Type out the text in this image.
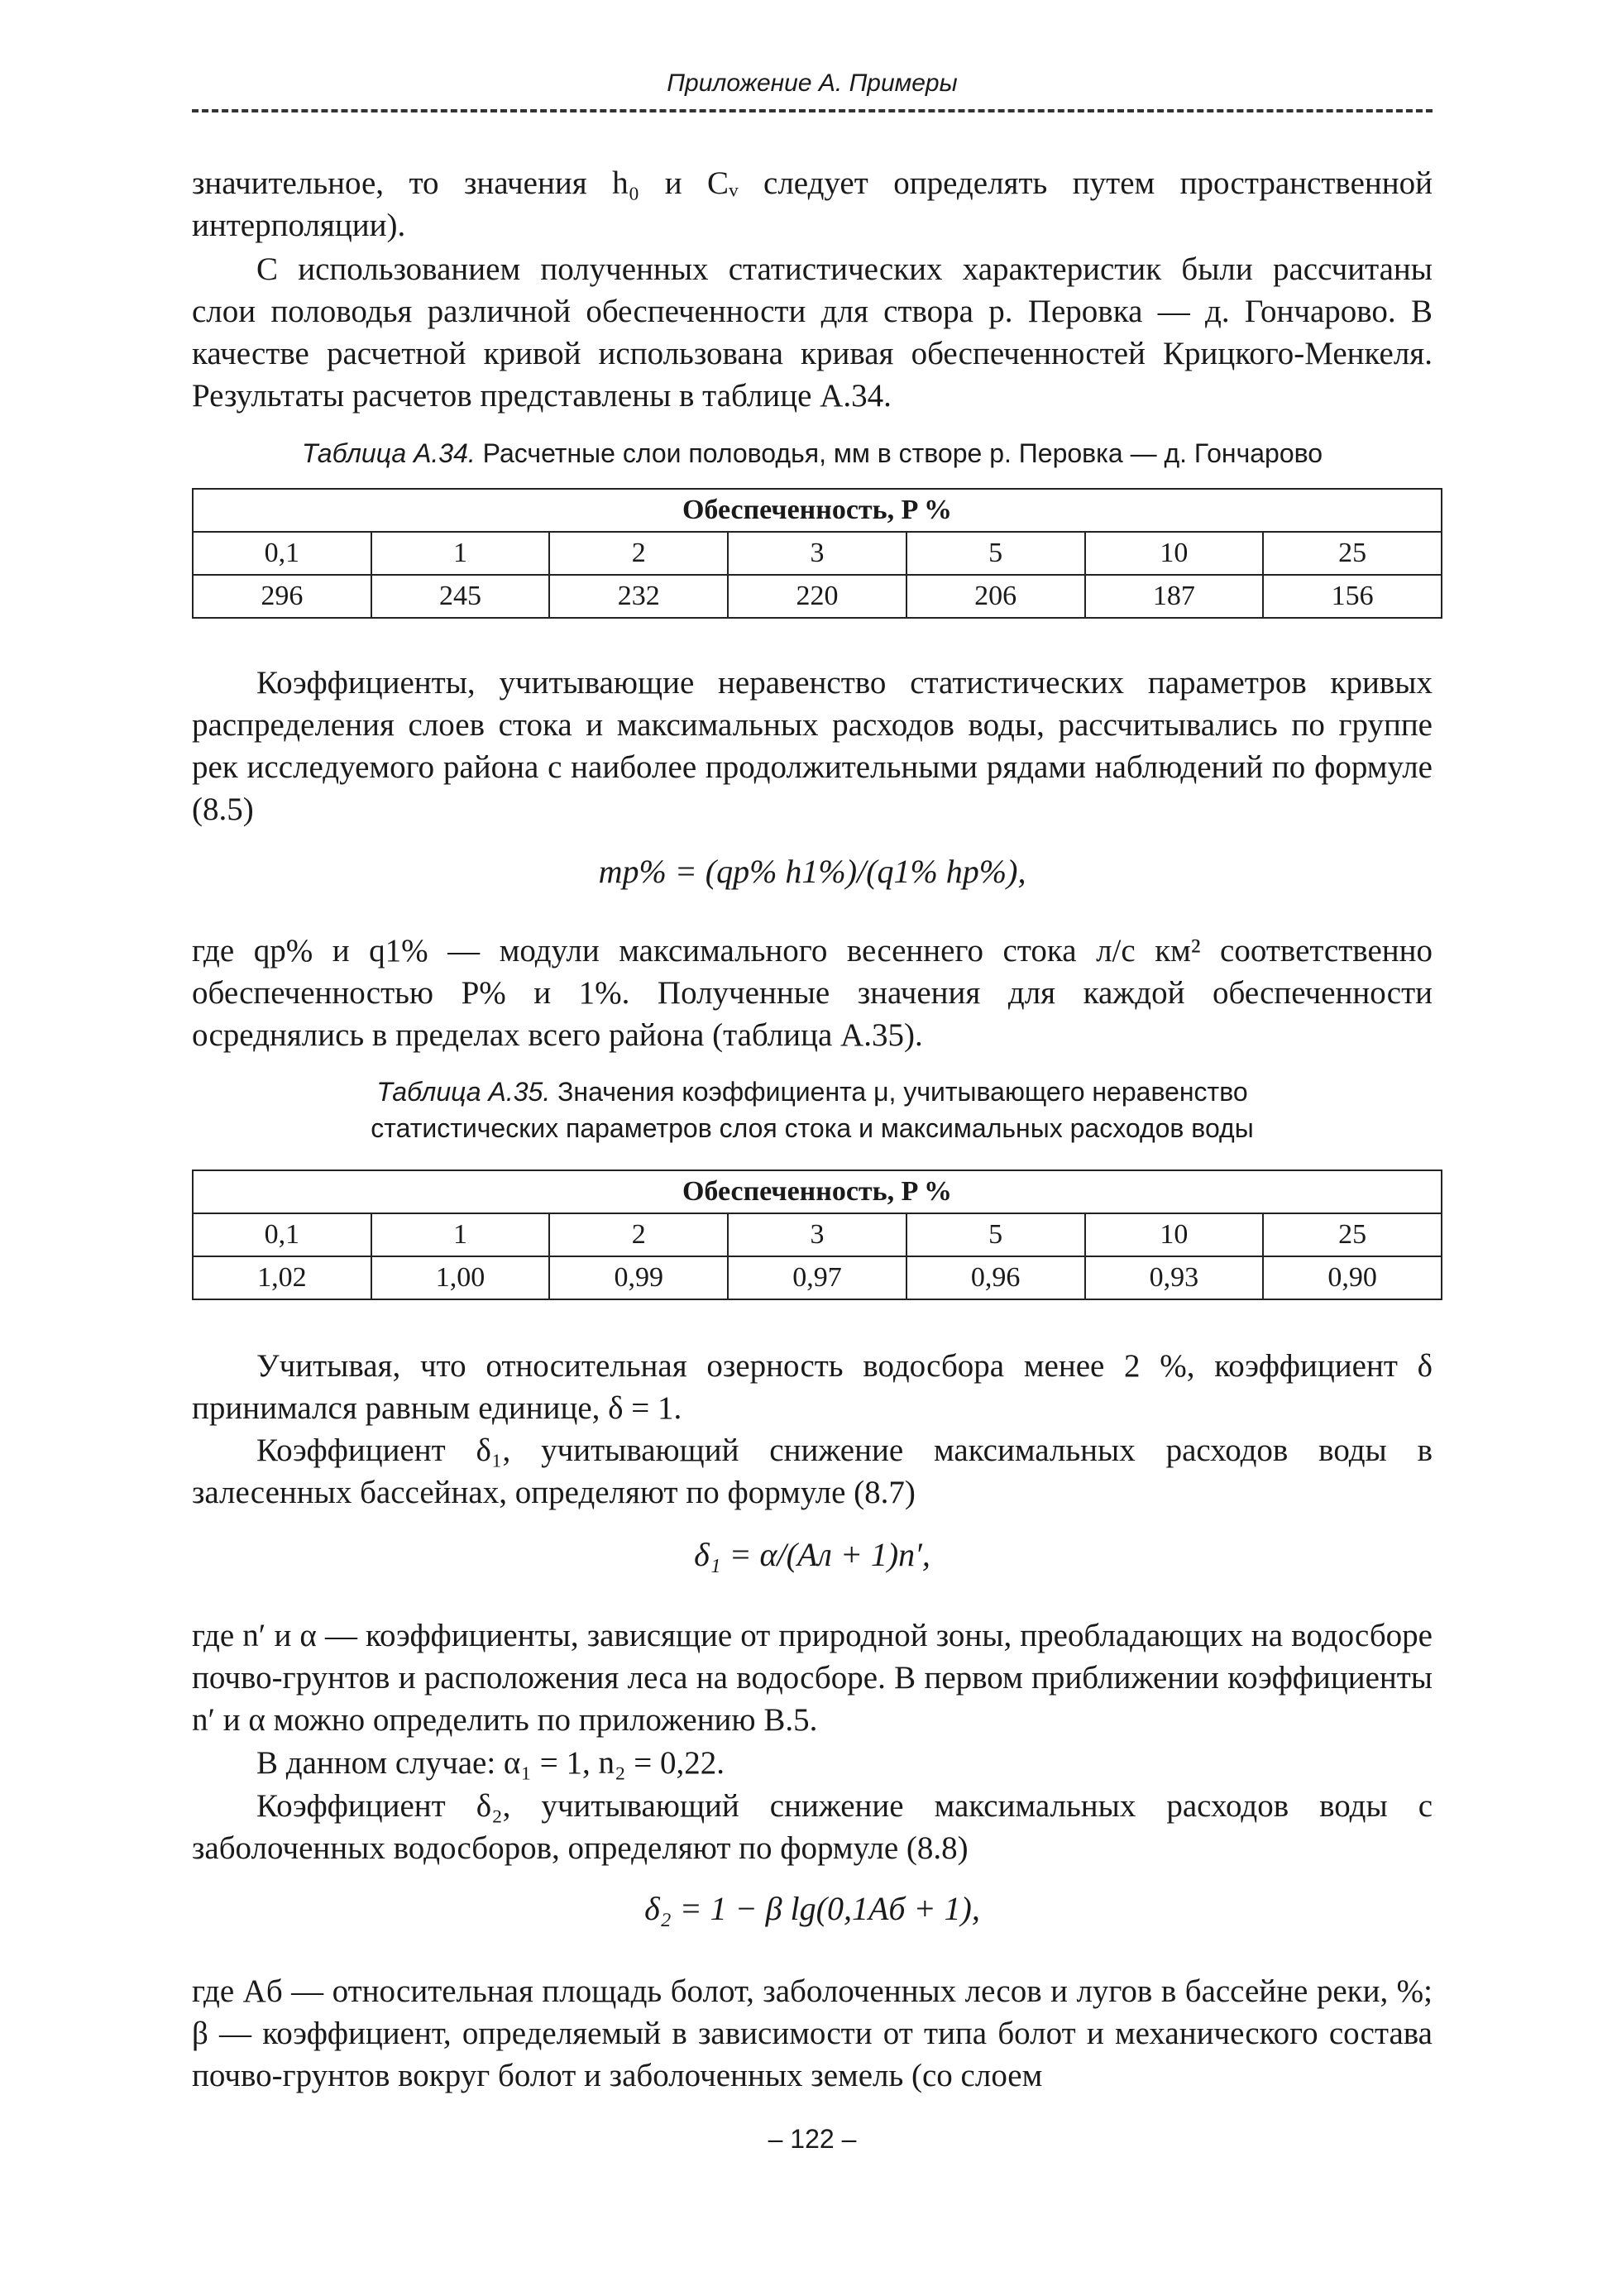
Приложение А. Примеры

значительное, то значения h₀ и Cᵥ следует определять путем пространственной интерполяции).

С использованием полученных статистических характеристик были рассчитаны слои половодья различной обеспеченности для створа р. Перовка — д. Гончарово. В качестве расчетной кривой использована кривая обеспеченностей Крицкого-Менкеля. Результаты расчетов представлены в таблице А.34.

Таблица А.34. Расчетные слои половодья, мм в створе р. Перовка — д. Гончарово
Обеспеченность, P %						
0,1	1	2	3	5	10	25
296	245	232	220	206	187	156

Коэффициенты, учитывающие неравенство статистических параметров кривых распределения слоев стока и максимальных расходов воды, рассчитывались по группе рек исследуемого района с наиболее продолжительными рядами наблюдений по формуле (8.5)

mp% = (qp% h1%)/(q1% hp%),

где qp% и q1% — модули максимального весеннего стока л/с км² соответственно обеспеченностью P% и 1%. Полученные значения для каждой обеспеченности осреднялись в пределах всего района (таблица А.35).

Таблица А.35. Значения коэффициента μ, учитывающего неравенство
статистических параметров слоя стока и максимальных расходов воды
Обеспеченность, P %						
0,1	1	2	3	5	10	25
1,02	1,00	0,99	0,97	0,96	0,93	0,90

Учитывая, что относительная озерность водосбора менее 2 %, коэффициент δ принимался равным единице, δ = 1.

Коэффициент δ₁, учитывающий снижение максимальных расходов воды в залесенных бассейнах, определяют по формуле (8.7)

δ₁ = α/(Aл + 1)n′,

где n′ и α — коэффициенты, зависящие от природной зоны, преобладающих на водосборе почво-грунтов и расположения леса на водосборе. В первом приближении коэффициенты n′ и α можно определить по приложению В.5.

В данном случае: α₁ = 1, n₂ = 0,22.

Коэффициент δ₂, учитывающий снижение максимальных расходов воды с заболоченных водосборов, определяют по формуле (8.8)

δ₂ = 1 − β lg(0,1Aб + 1),

где Aб — относительная площадь болот, заболоченных лесов и лугов в бассейне реки, %; β — коэффициент, определяемый в зависимости от типа болот и механического состава почво-грунтов вокруг болот и заболоченных земель (со слоем

– 122 –
